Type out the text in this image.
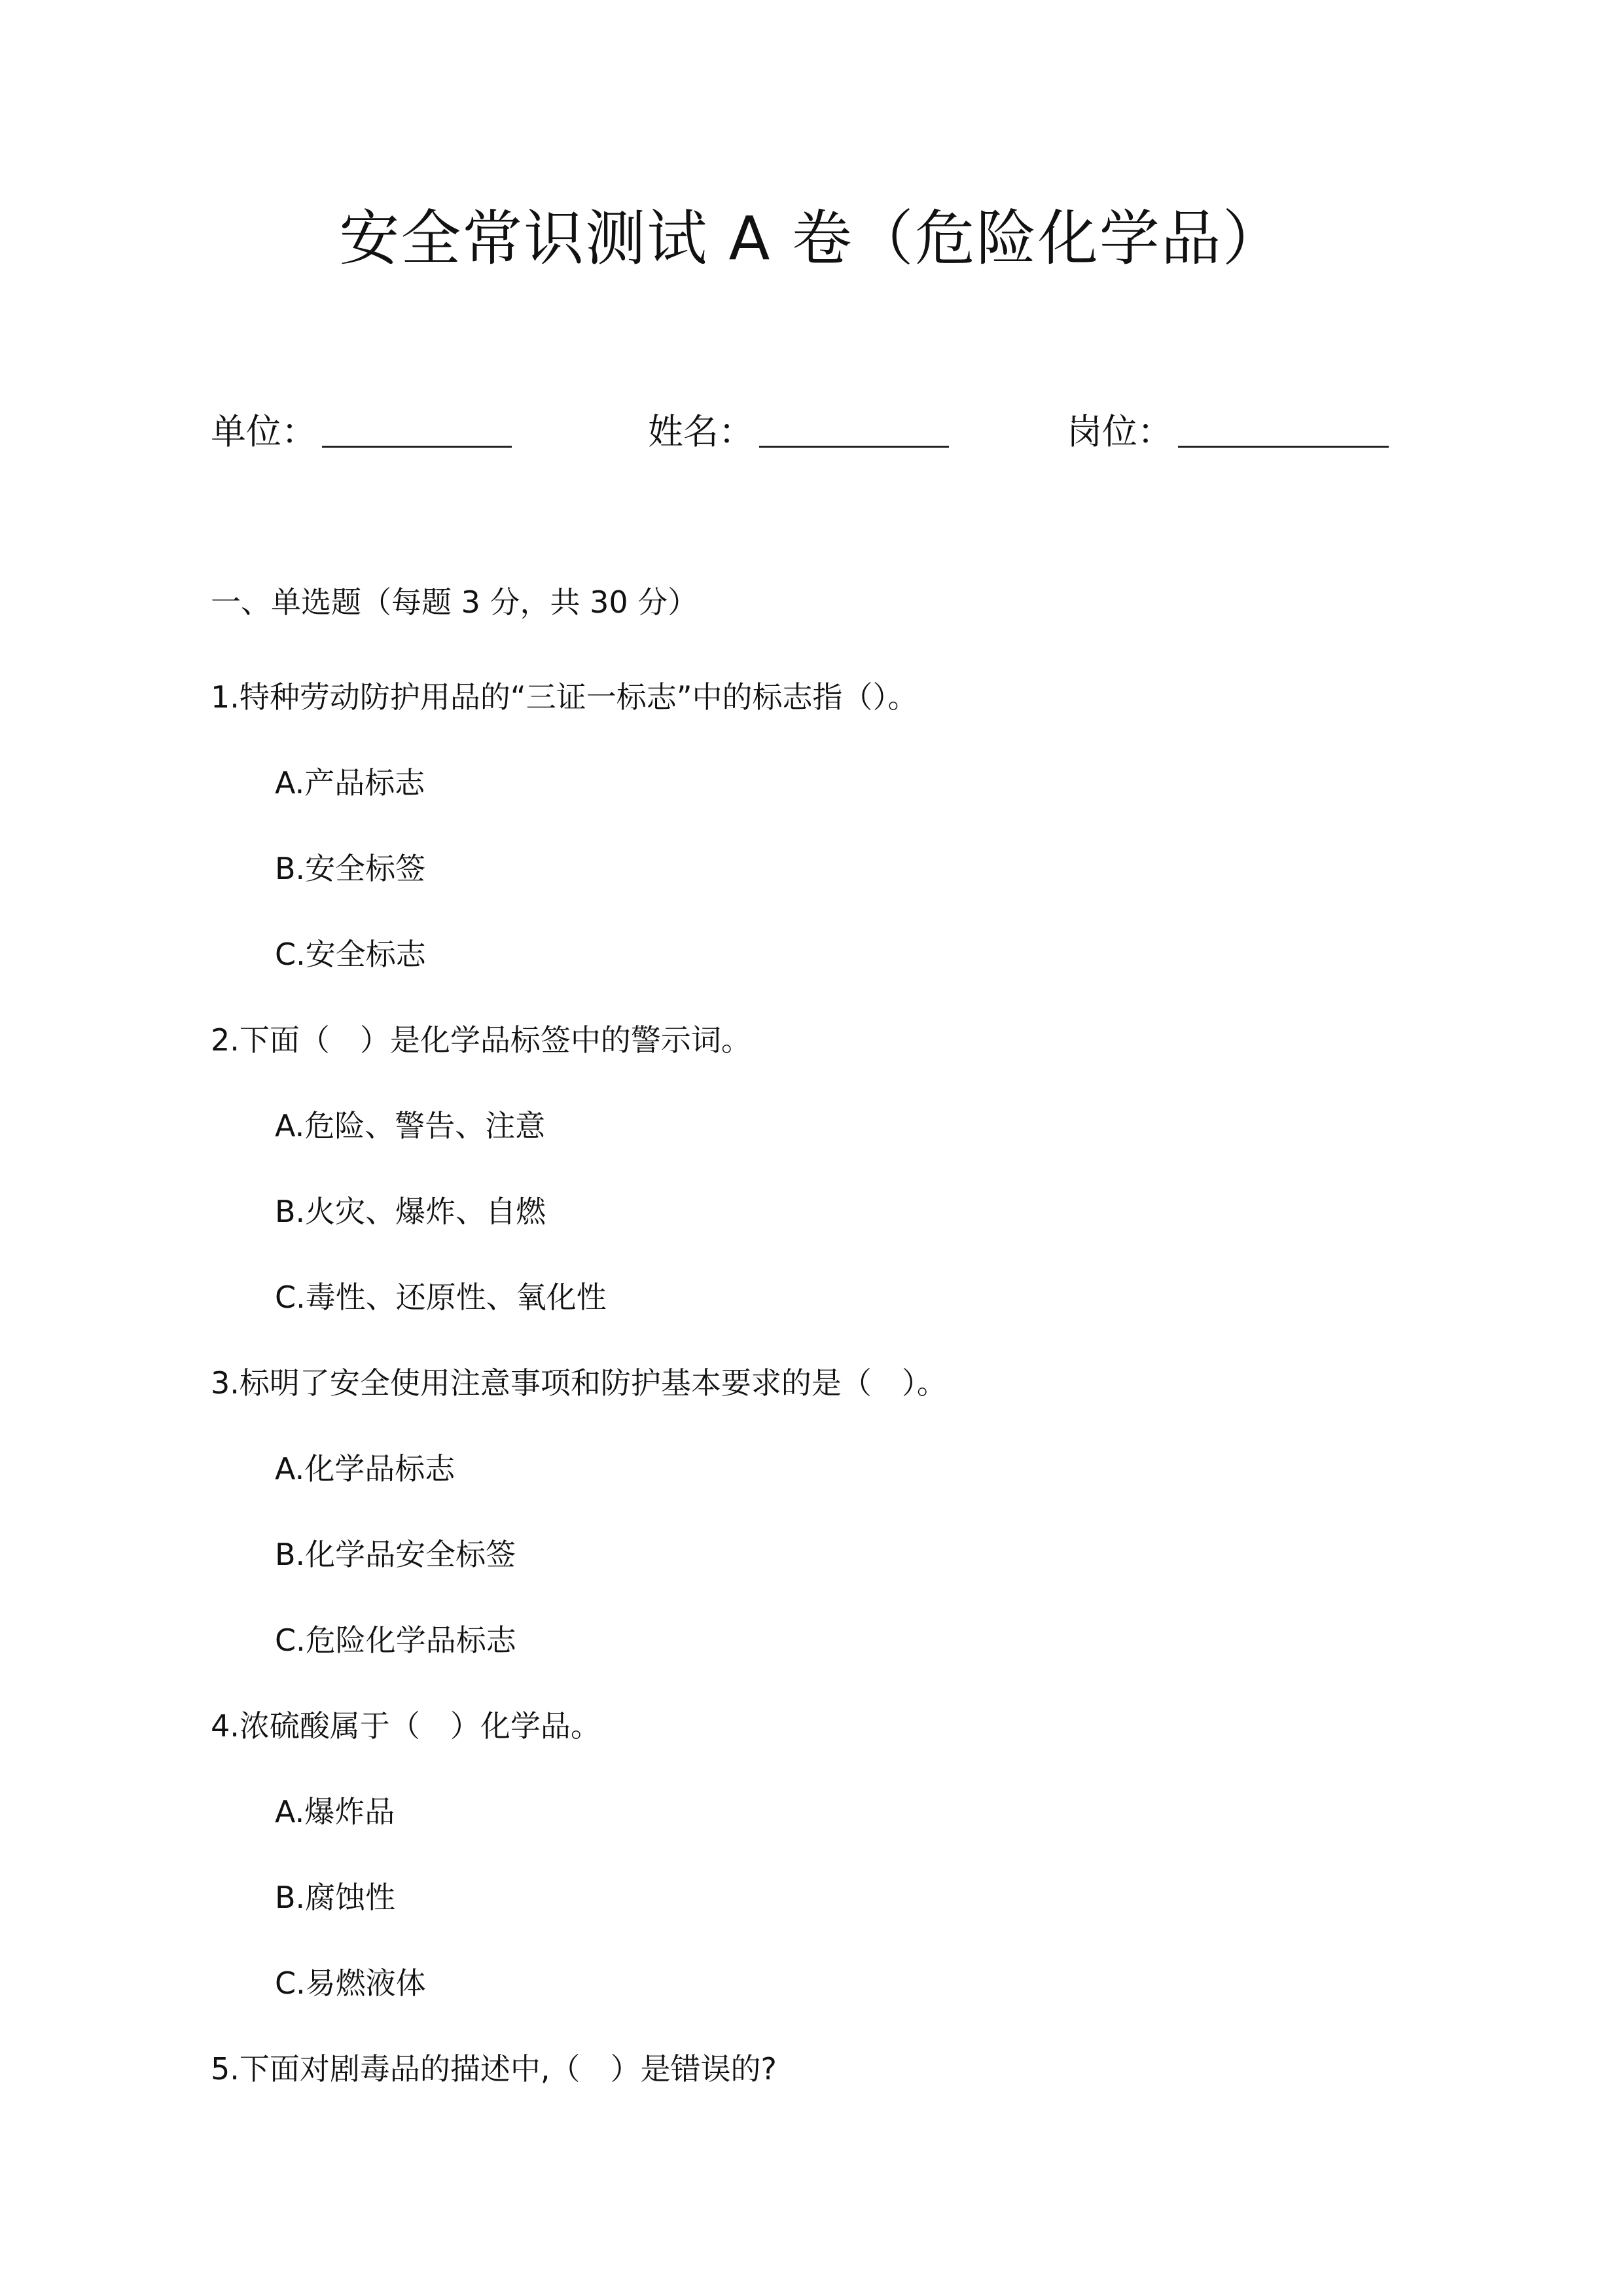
安全常识测试 A 卷（危险化学品）
单位：	姓名：	岗位：
一、单选题（每题 3 分，共 30 分）
1.特种劳动防护用品的“三证一标志”中的标志指（）。
A.产品标志
B.安全标签
C.安全标志
2.下面（　）是化学品标签中的警示词。
A.危险、警告、注意
B.火灾、爆炸、自燃
C.毒性、还原性、氧化性
3.标明了安全使用注意事项和防护基本要求的是（　）。
A.化学品标志
B.化学品安全标签
C.危险化学品标志
4.浓硫酸属于（　）化学品。
A.爆炸品
B.腐蚀性
C.易燃液体
5.下面对剧毒品的描述中,（　）是错误的?
